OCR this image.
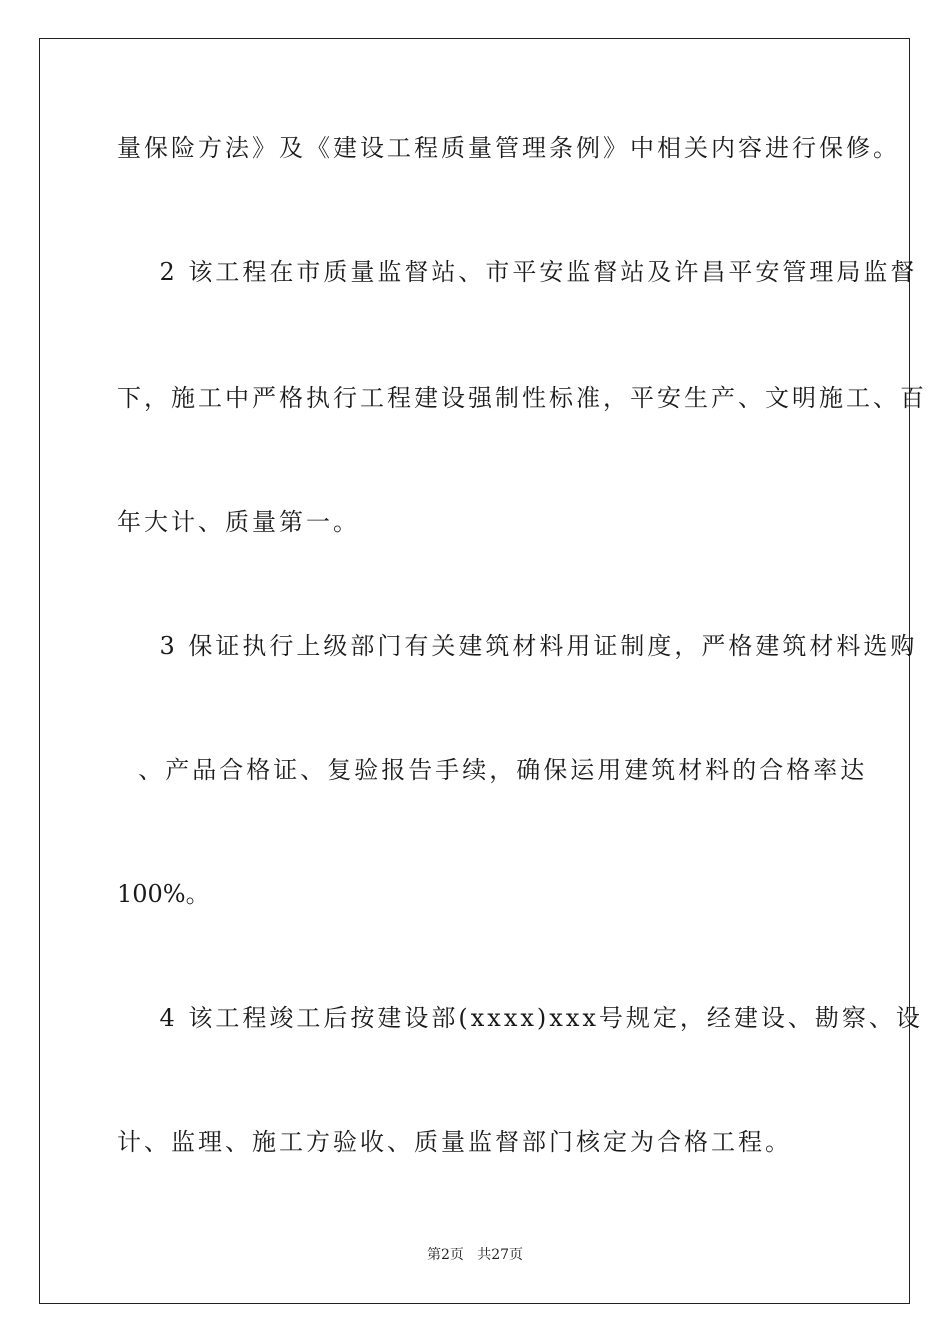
量保险方法》及《建设工程质量管理条例》中相关内容进行保修。
2 该工程在市质量监督站、市平安监督站及许昌平安管理局监督
下，施工中严格执行工程建设强制性标准，平安生产、文明施工、百
年大计、质量第一。
3 保证执行上级部门有关建筑材料用证制度，严格建筑材料选购
、产品合格证、复验报告手续，确保运用建筑材料的合格率达
100%。
4 该工程竣工后按建设部(xxxx)xxx号规定，经建设、勘察、设
计、监理、施工方验收、质量监督部门核定为合格工程。
第2页   共27页
